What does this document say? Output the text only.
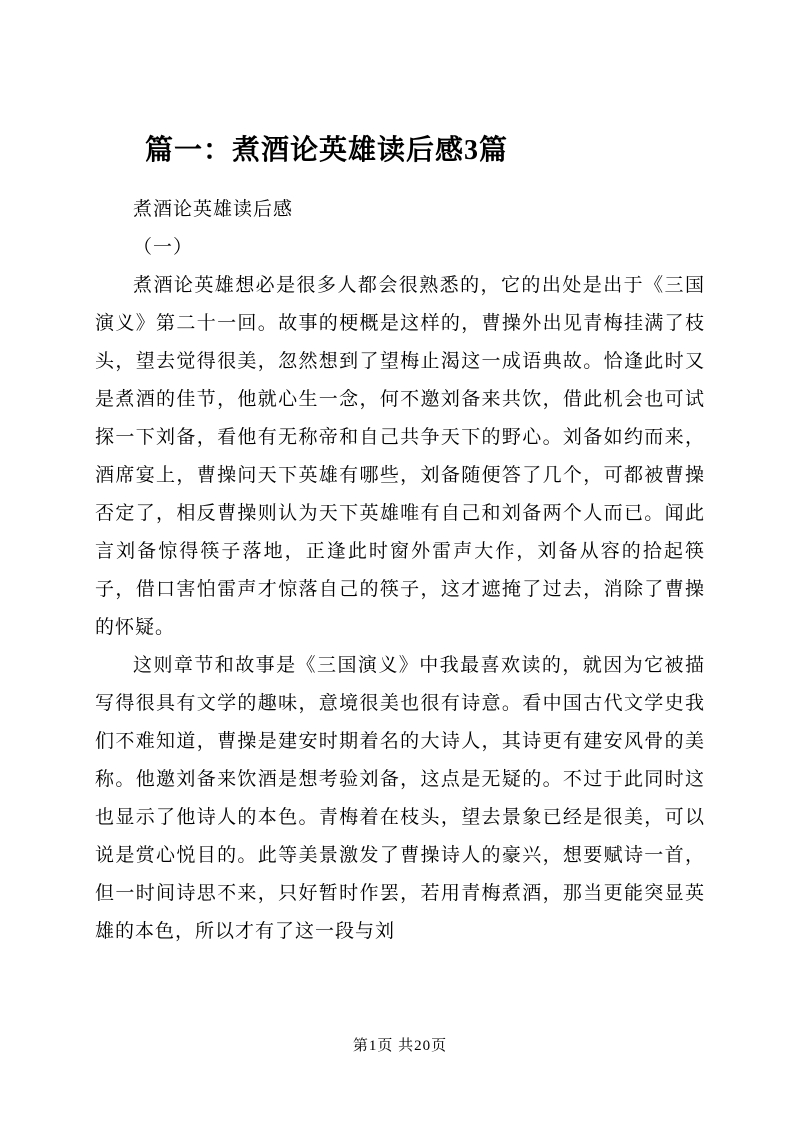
篇一：煮酒论英雄读后感3篇

煮酒论英雄读后感

（一）

煮酒论英雄想必是很多人都会很熟悉的，它的出处是出于《三国演义》第二十一回。故事的梗概是这样的，曹操外出见青梅挂满了枝头，望去觉得很美，忽然想到了望梅止渴这一成语典故。恰逢此时又是煮酒的佳节，他就心生一念，何不邀刘备来共饮，借此机会也可试探一下刘备，看他有无称帝和自己共争天下的野心。刘备如约而来，酒席宴上，曹操问天下英雄有哪些，刘备随便答了几个，可都被曹操否定了，相反曹操则认为天下英雄唯有自己和刘备两个人而已。闻此言刘备惊得筷子落地，正逢此时窗外雷声大作，刘备从容的拾起筷子，借口害怕雷声才惊落自己的筷子，这才遮掩了过去，消除了曹操的怀疑。

这则章节和故事是《三国演义》中我最喜欢读的，就因为它被描写得很具有文学的趣味，意境很美也很有诗意。看中国古代文学史我们不难知道，曹操是建安时期着名的大诗人，其诗更有建安风骨的美称。他邀刘备来饮酒是想考验刘备，这点是无疑的。不过于此同时这也显示了他诗人的本色。青梅着在枝头，望去景象已经是很美，可以说是赏心悦目的。此等美景激发了曹操诗人的豪兴，想要赋诗一首，但一时间诗思不来，只好暂时作罢，若用青梅煮酒，那当更能突显英雄的本色，所以才有了这一段与刘

第1页 共20页
